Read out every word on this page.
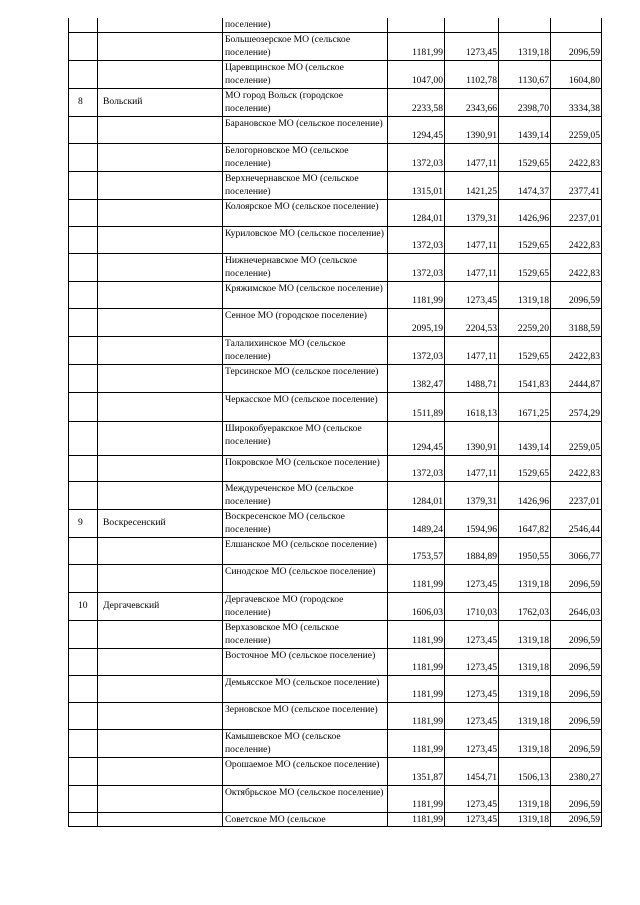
		поселение)				
		Большеозерское МО (сельское поселение)	1181,99	1273,45	1319,18	2096,59
		Царевщинское МО (сельское поселение)	1047,00	1102,78	1130,67	1604,80
8	Вольский	МО город Вольск (городское поселение)	2233,58	2343,66	2398,70	3334,38
		Барановское МО (сельское поселение)	1294,45	1390,91	1439,14	2259,05
		Белогорновское МО (сельское поселение)	1372,03	1477,11	1529,65	2422,83
		Верхнечернавское МО (сельское поселение)	1315,01	1421,25	1474,37	2377,41
		Колоярское МО (сельское поселение)	1284,01	1379,31	1426,96	2237,01
		Куриловское МО (сельское поселение)	1372,03	1477,11	1529,65	2422,83
		Нижнечернавское МО (сельское поселение)	1372,03	1477,11	1529,65	2422,83
		Кряжимское МО (сельское поселение)	1181,99	1273,45	1319,18	2096,59
		Сенное МО (городское поселение)	2095,19	2204,53	2259,20	3188,59
		Талалихинское МО (сельское поселение)	1372,03	1477,11	1529,65	2422,83
		Терсинское МО (сельское поселение)	1382,47	1488,71	1541,83	2444,87
		Черкасское МО (сельское поселение)	1511,89	1618,13	1671,25	2574,29
		Широкобуеракское МО (сельское поселение)	1294,45	1390,91	1439,14	2259,05
		Покровское МО (сельское поселение)	1372,03	1477,11	1529,65	2422,83
		Междуреченское МО (сельское поселение)	1284,01	1379,31	1426,96	2237,01
9	Воскресенский	Воскресенское МО (сельское поселение)	1489,24	1594,96	1647,82	2546,44
		Елшанское МО (сельское поселение)	1753,57	1884,89	1950,55	3066,77
		Синодское МО (сельское поселение)	1181,99	1273,45	1319,18	2096,59
10	Дергачевский	Дергачевское МО (городское поселение)	1606,03	1710,03	1762,03	2646,03
		Верхазовское МО (сельское поселение)	1181,99	1273,45	1319,18	2096,59
		Восточное МО (сельское поселение)	1181,99	1273,45	1319,18	2096,59
		Демьясское МО (сельское поселение)	1181,99	1273,45	1319,18	2096,59
		Зерновское МО (сельское поселение)	1181,99	1273,45	1319,18	2096,59
		Камышевское МО (сельское поселение)	1181,99	1273,45	1319,18	2096,59
		Орошаемое МО (сельское поселение)	1351,87	1454,71	1506,13	2380,27
		Октябрьское МО (сельское поселение)	1181,99	1273,45	1319,18	2096,59
		Советское МО (сельское	1181,99	1273,45	1319,18	2096,59
